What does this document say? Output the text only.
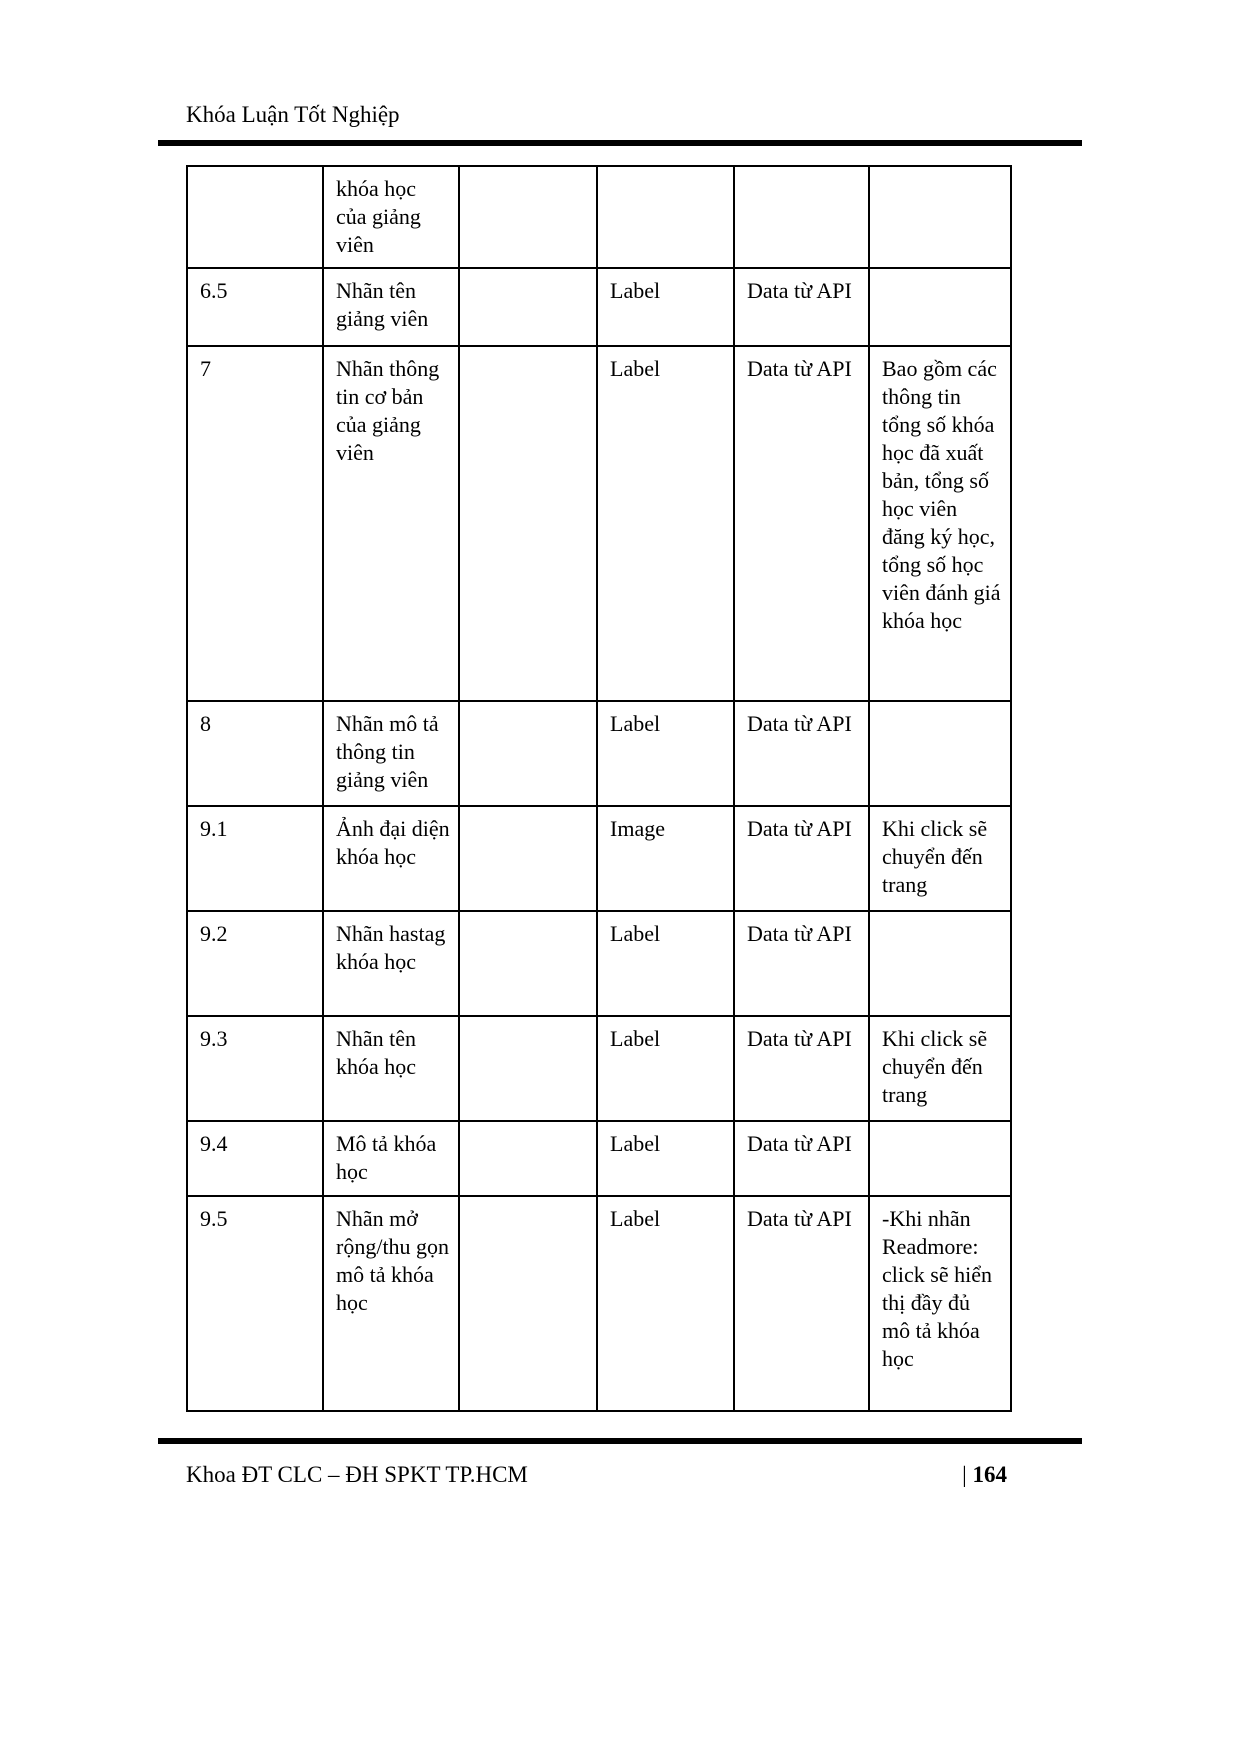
Khóa Luận Tốt Nghiệp
	khóa học của giảng viên				
6.5	Nhãn tên giảng viên		Label	Data từ API	
7	Nhãn thông tin cơ bản của giảng viên		Label	Data từ API	Bao gồm các thông tin tổng số khóa học đã xuất bản, tổng số học viên đăng ký học, tổng số học viên đánh giá khóa học
8	Nhãn mô tả thông tin giảng viên		Label	Data từ API	
9.1	Ảnh đại diện khóa học		Image	Data từ API	Khi click sẽ chuyển đến trang
9.2	Nhãn hastag khóa học		Label	Data từ API	
9.3	Nhãn tên khóa học		Label	Data từ API	Khi click sẽ chuyển đến trang
9.4	Mô tả khóa học		Label	Data từ API	
9.5	Nhãn mở rộng/thu gọn mô tả khóa học		Label	Data từ API	-Khi nhãn Readmore: click sẽ hiển thị đầy đủ mô tả khóa học
Khoa ĐT CLC – ĐH SPKT TP.HCM	| 164
